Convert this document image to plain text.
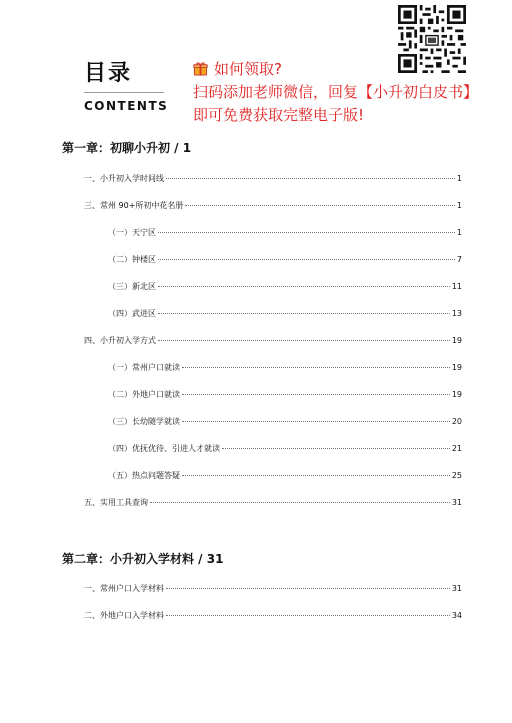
目录
CONTENTS
如何领取?
扫码添加老师微信，回复【小升初白皮书】
即可免费获取完整电子版!
第一章：初聊小升初 / 1
一、小升初入学时间线	1
三、常州 90+所初中花名册	1
（一）天宁区	1
（二）钟楼区	7
（三）新北区	11
（四）武进区	13
四、小升初入学方式	19
（一）常州户口就读	19
（二）外地户口就读	19
（三）长幼随学就读	20
（四）优抚优待、引进人才就读	21
（五）热点问题答疑	25
五、实用工具查询	31
第二章：小升初入学材料 / 31
一、常州户口入学材料	31
二、外地户口入学材料	34
